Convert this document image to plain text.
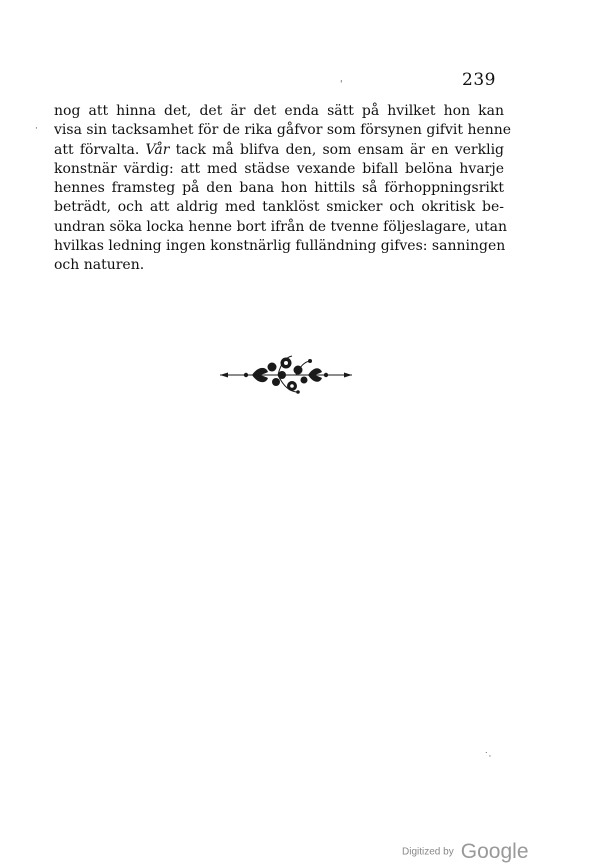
239
nog att hinna det, det är det enda sätt på hvilket hon kan
visa sin tacksamhet för de rika gåfvor som försynen gifvit henne
att förvalta. Vår tack må blifva den, som ensam är en verklig
konstnär värdig: att med städse vexande bifall belöna hvarje
hennes framsteg på den bana hon hittils så förhoppningsrikt
beträdt, och att aldrig med tanklöst smicker och okritisk be-
undran söka locka henne bort ifrån de tvenne följeslagare, utan
hvilkas ledning ingen konstnärlig fulländning gifves: sanningen
och naturen.
'
·
˙·
Digitized by Google
